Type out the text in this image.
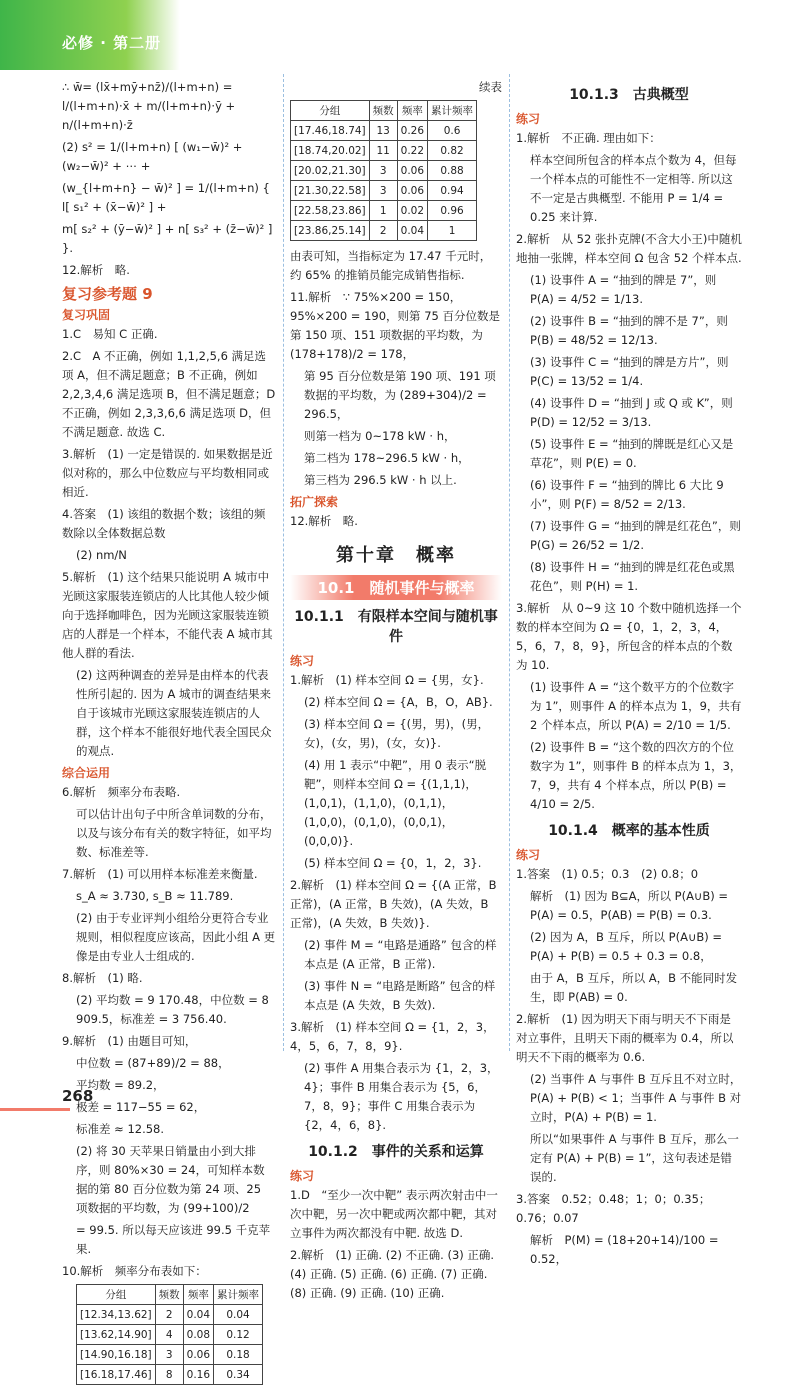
必修 · 第二册

∴ w̄= (lx̄+mȳ+nz̄)/(l+m+n) = l/(l+m+n)·x̄ + m/(l+m+n)·ȳ + n/(l+m+n)·z̄

(2) s² = 1/(l+m+n) [ (w₁−w̄)² + (w₂−w̄)² + ⋯ +

(w_{l+m+n} − w̄)² ] = 1/(l+m+n) { l[ s₁² + (x̄−w̄)² ] +

m[ s₂² + (ȳ−w̄)² ] + n[ s₃² + (z̄−w̄)² ] }.

12.解析　略.

复习参考题 9
复习巩固

1.C　易知 C 正确.

2.C　A 不正确，例如 1,1,2,5,6 满足选项 A，但不满足题意；B 不正确，例如 2,2,3,4,6 满足选项 B，但不满足题意；D 不正确，例如 2,3,3,6,6 满足选项 D，但不满足题意. 故选 C.

3.解析　(1) 一定是错误的. 如果数据是近似对称的，那么中位数应与平均数相同或相近.

4.答案　(1) 该组的数据个数；该组的频数除以全体数据总数

(2) nm/N

5.解析　(1) 这个结果只能说明 A 城市中光顾这家服装连锁店的人比其他人较少倾向于选择咖啡色，因为光顾这家服装连锁店的人群是一个样本，不能代表 A 城市其他人群的看法.

(2) 这两种调查的差异是由样本的代表性所引起的. 因为 A 城市的调查结果来自于该城市光顾这家服装连锁店的人群，这个样本不能很好地代表全国民众的观点.

综合运用

6.解析　频率分布表略.

可以估计出句子中所含单词数的分布，以及与该分布有关的数字特征，如平均数、标准差等.

7.解析　(1) 可以用样本标准差来衡量.

s_A ≈ 3.730, s_B ≈ 11.789.

(2) 由于专业评判小组给分更符合专业规则，相似程度应该高，因此小组 A 更像是由专业人士组成的.

8.解析　(1) 略.

(2) 平均数 = 9 170.48，中位数 = 8 909.5，标准差 = 3 756.40.

9.解析　(1) 由题目可知，

中位数 = (87+89)/2 = 88，

平均数 = 89.2，

极差 = 117−55 = 62，

标准差 ≈ 12.58.

(2) 将 30 天苹果日销量由小到大排序，则 80%×30 = 24，可知样本数据的第 80 百分位数为第 24 项、25 项数据的平均数，为 (99+100)/2

= 99.5. 所以每天应该进 99.5 千克苹果.

10.解析　频率分布表如下：

分组	频数	频率	累计频率
[12.34,13.62]	2	0.04	0.04
[13.62,14.90]	4	0.08	0.12
[14.90,16.18]	3	0.06	0.18
[16.18,17.46]	8	0.16	0.34

续表

分组	频数	频率	累计频率
[17.46,18.74]	13	0.26	0.6
[18.74,20.02]	11	0.22	0.82
[20.02,21.30]	3	0.06	0.88
[21.30,22.58]	3	0.06	0.94
[22.58,23.86]	1	0.02	0.96
[23.86,25.14]	2	0.04	1

由表可知，当指标定为 17.47 千元时，约 65% 的推销员能完成销售指标.

11.解析　∵ 75%×200 = 150，95%×200 = 190，则第 75 百分位数是第 150 项、151 项数据的平均数，为 (178+178)/2 = 178，

第 95 百分位数是第 190 项、191 项数据的平均数，为 (289+304)/2 = 296.5，

则第一档为 0~178 kW · h，

第二档为 178~296.5 kW · h，

第三档为 296.5 kW · h 以上.

拓广探索

12.解析　略.

第十章　概率
10.1　随机事件与概率
10.1.1　有限样本空间与随机事件
练习

1.解析　(1) 样本空间 Ω = {男，女}.

(2) 样本空间 Ω = {A，B，O，AB}.

(3) 样本空间 Ω = {(男，男)，(男，女)，(女，男)，(女，女)}.

(4) 用 1 表示“中靶”，用 0 表示“脱靶”，则样本空间 Ω = {(1,1,1)，(1,0,1)，(1,1,0)，(0,1,1)，(1,0,0)，(0,1,0)，(0,0,1)，(0,0,0)}.

(5) 样本空间 Ω = {0，1，2，3}.

2.解析　(1) 样本空间 Ω = {(A 正常，B 正常)，(A 正常，B 失效)，(A 失效，B 正常)，(A 失效，B 失效)}.

(2) 事件 M = “电路是通路” 包含的样本点是 (A 正常，B 正常).

(3) 事件 N = “电路是断路” 包含的样本点是 (A 失效，B 失效).

3.解析　(1) 样本空间 Ω = {1，2，3，4，5，6，7，8，9}.

(2) 事件 A 用集合表示为 {1，2，3，4}；事件 B 用集合表示为 {5，6，7，8，9}；事件 C 用集合表示为 {2，4，6，8}.

10.1.2　事件的关系和运算
练习

1.D　“至少一次中靶” 表示两次射击中一次中靶，另一次中靶或两次都中靶，其对立事件为两次都没有中靶. 故选 D.

2.解析　(1) 正确. (2) 不正确. (3) 正确. (4) 正确. (5) 正确. (6) 正确. (7) 正确. (8) 正确. (9) 正确. (10) 正确.

10.1.3　古典概型
练习

1.解析　不正确. 理由如下：

样本空间所包含的样本点个数为 4，但每一个样本点的可能性不一定相等. 所以这不一定是古典概型. 不能用 P = 1/4 = 0.25 来计算.

2.解析　从 52 张扑克牌(不含大小王)中随机地抽一张牌，样本空间 Ω 包含 52 个样本点.

(1) 设事件 A = “抽到的牌是 7”，则 P(A) = 4/52 = 1/13.

(2) 设事件 B = “抽到的牌不是 7”，则 P(B) = 48/52 = 12/13.

(3) 设事件 C = “抽到的牌是方片”，则 P(C) = 13/52 = 1/4.

(4) 设事件 D = “抽到 J 或 Q 或 K”，则 P(D) = 12/52 = 3/13.

(5) 设事件 E = “抽到的牌既是红心又是草花”，则 P(E) = 0.

(6) 设事件 F = “抽到的牌比 6 大比 9 小”，则 P(F) = 8/52 = 2/13.

(7) 设事件 G = “抽到的牌是红花色”，则 P(G) = 26/52 = 1/2.

(8) 设事件 H = “抽到的牌是红花色或黑花色”，则 P(H) = 1.

3.解析　从 0~9 这 10 个数中随机选择一个数的样本空间为 Ω = {0，1，2，3，4，5，6，7，8，9}，所包含的样本点的个数为 10.

(1) 设事件 A = “这个数平方的个位数字为 1”，则事件 A 的样本点为 1，9，共有 2 个样本点，所以 P(A) = 2/10 = 1/5.

(2) 设事件 B = “这个数的四次方的个位数字为 1”，则事件 B 的样本点为 1，3，7，9，共有 4 个样本点，所以 P(B) = 4/10 = 2/5.

10.1.4　概率的基本性质
练习

1.答案　(1) 0.5；0.3　(2) 0.8；0

解析　(1) 因为 B⊆A，所以 P(A∪B) = P(A) = 0.5，P(AB) = P(B) = 0.3.

(2) 因为 A，B 互斥，所以 P(A∪B) = P(A) + P(B) = 0.5 + 0.3 = 0.8，

由于 A，B 互斥，所以 A，B 不能同时发生，即 P(AB) = 0.

2.解析　(1) 因为明天下雨与明天不下雨是对立事件，且明天下雨的概率为 0.4，所以明天不下雨的概率为 0.6.

(2) 当事件 A 与事件 B 互斥且不对立时，P(A) + P(B) < 1；当事件 A 与事件 B 对立时，P(A) + P(B) = 1.

所以“如果事件 A 与事件 B 互斥，那么一定有 P(A) + P(B) = 1”，这句表述是错误的.

3.答案　0.52；0.48；1；0；0.35；0.76；0.07

解析　P(M) = (18+20+14)/100 = 0.52，

268
